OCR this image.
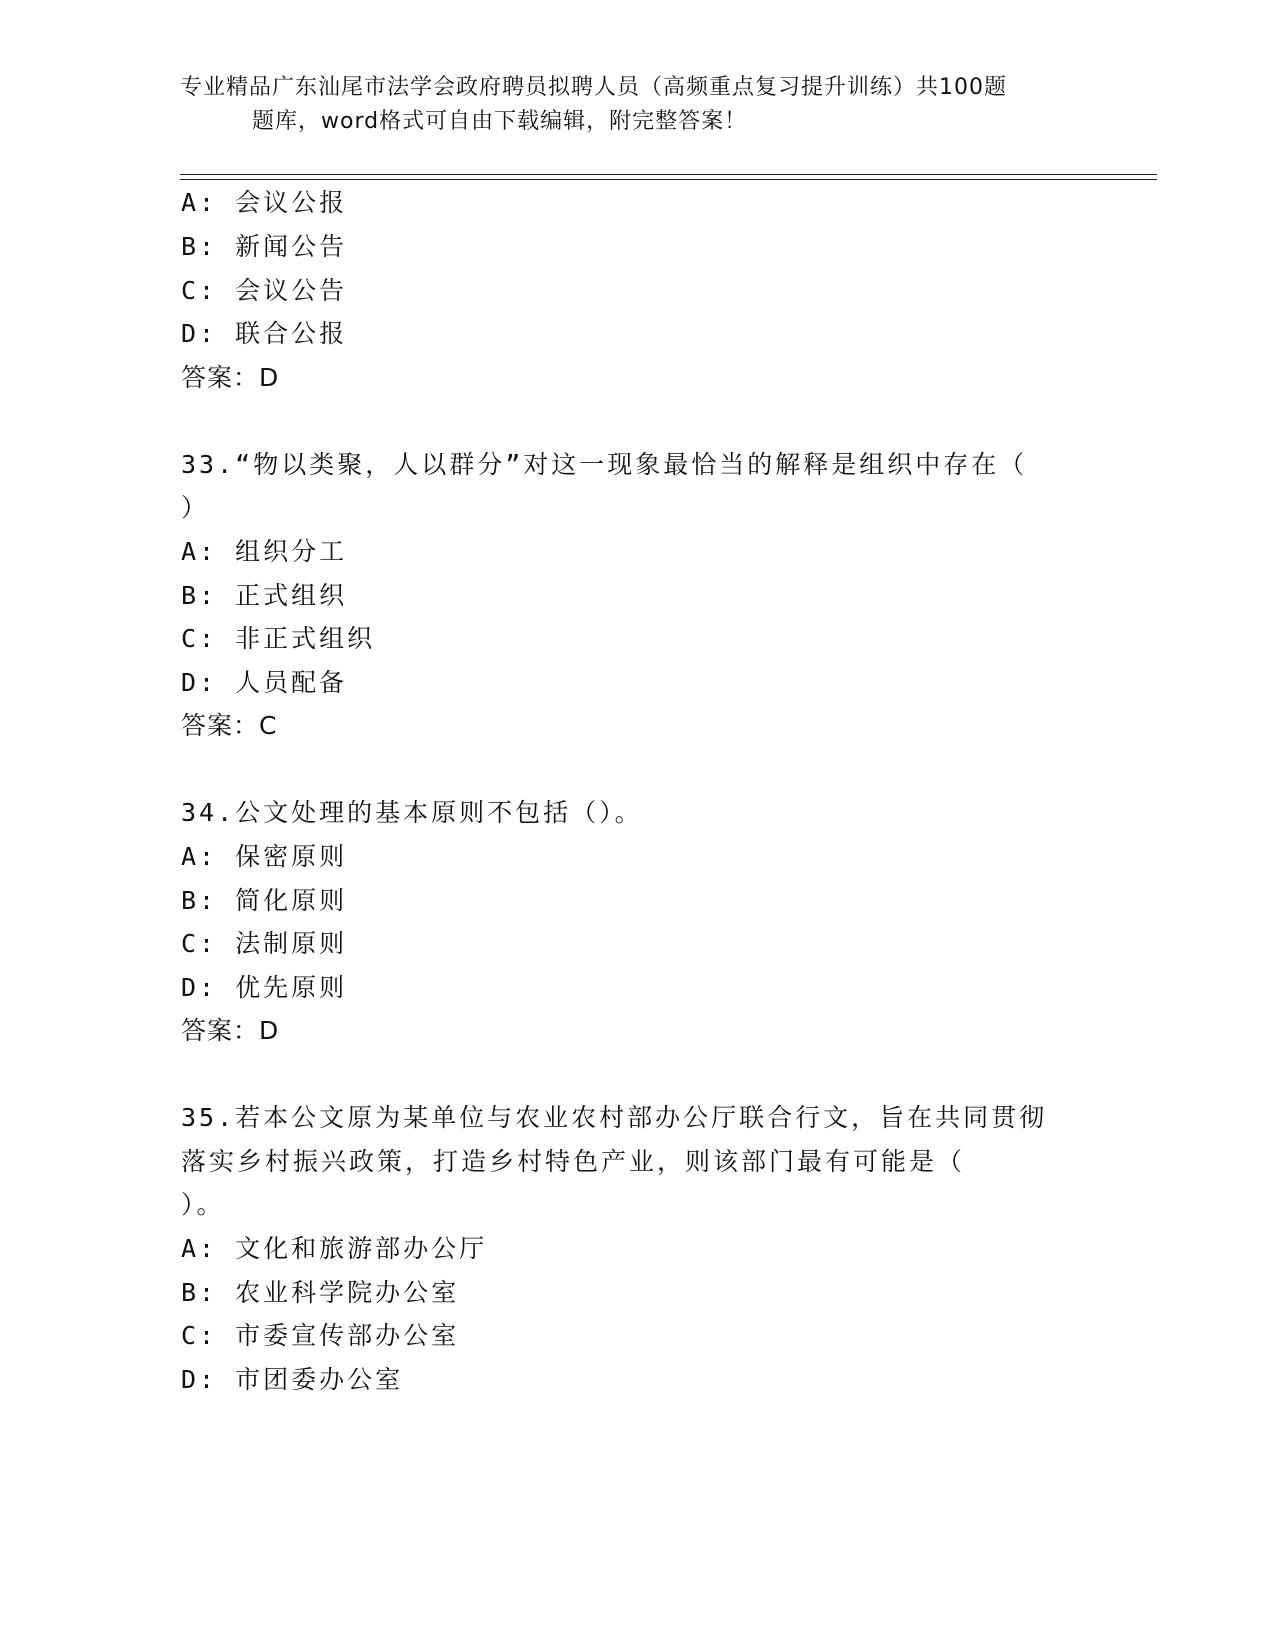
专业精品广东汕尾市法学会政府聘员拟聘人员（高频重点复习提升训练）共100题
题库，word格式可自由下载编辑，附完整答案！
A: 会议公报
B: 新闻公告
C: 会议公告
D: 联合公报
答案：D
33.“物以类聚，人以群分”对这一现象最恰当的解释是组织中存在（
）
A: 组织分工
B: 正式组织
C: 非正式组织
D: 人员配备
答案：C
34.公文处理的基本原则不包括（）。
A: 保密原则
B: 简化原则
C: 法制原则
D: 优先原则
答案：D
35.若本公文原为某单位与农业农村部办公厅联合行文，旨在共同贯彻
落实乡村振兴政策，打造乡村特色产业，则该部门最有可能是（
）。
A: 文化和旅游部办公厅
B: 农业科学院办公室
C: 市委宣传部办公室
D: 市团委办公室
